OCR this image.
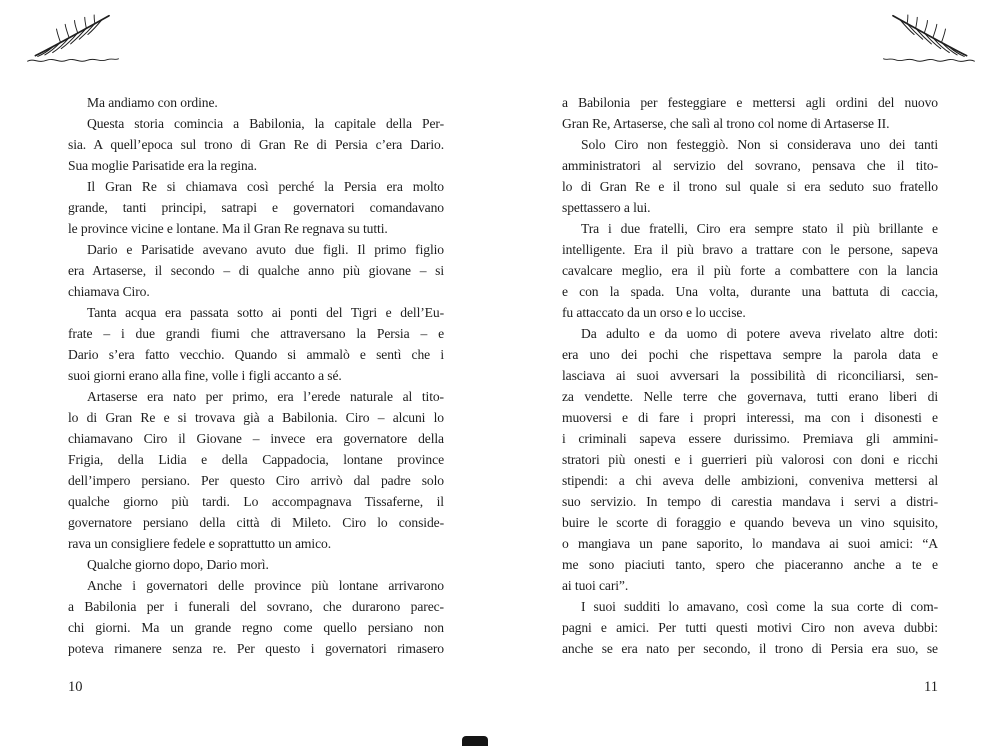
Ma andiamo con ordine.
Questa storia comincia a Babilonia, la capitale della Per-
sia. A quell’epoca sul trono di Gran Re di Persia c’era Dario.
Sua moglie Parisatide era la regina.
Il Gran Re si chiamava così perché la Persia era molto
grande, tanti principi, satrapi e governatori comandavano
le province vicine e lontane. Ma il Gran Re regnava su tutti.
Dario e Parisatide avevano avuto due figli. Il primo figlio
era Artaserse, il secondo – di qualche anno più giovane – si
chiamava Ciro.
Tanta acqua era passata sotto ai ponti del Tigri e dell’Eu-
frate – i due grandi fiumi che attraversano la Persia – e
Dario s’era fatto vecchio. Quando si ammalò e sentì che i
suoi giorni erano alla fine, volle i figli accanto a sé.
Artaserse era nato per primo, era l’erede naturale al tito-
lo di Gran Re e si trovava già a Babilonia. Ciro – alcuni lo
chiamavano Ciro il Giovane – invece era governatore della
Frigia, della Lidia e della Cappadocia, lontane province
dell’impero persiano. Per questo Ciro arrivò dal padre solo
qualche giorno più tardi. Lo accompagnava Tissaferne, il
governatore persiano della città di Mileto. Ciro lo conside-
rava un consigliere fedele e soprattutto un amico.
Qualche giorno dopo, Dario morì.
Anche i governatori delle province più lontane arrivarono
a Babilonia per i funerali del sovrano, che durarono parec-
chi giorni. Ma un grande regno come quello persiano non
poteva rimanere senza re. Per questo i governatori rimasero
a Babilonia per festeggiare e mettersi agli ordini del nuovo
Gran Re, Artaserse, che salì al trono col nome di Artaserse II.
Solo Ciro non festeggiò. Non si considerava uno dei tanti
amministratori al servizio del sovrano, pensava che il tito-
lo di Gran Re e il trono sul quale si era seduto suo fratello
spettassero a lui.
Tra i due fratelli, Ciro era sempre stato il più brillante e
intelligente. Era il più bravo a trattare con le persone, sapeva
cavalcare meglio, era il più forte a combattere con la lancia
e con la spada. Una volta, durante una battuta di caccia,
fu attaccato da un orso e lo uccise.
Da adulto e da uomo di potere aveva rivelato altre doti:
era uno dei pochi che rispettava sempre la parola data e
lasciava ai suoi avversari la possibilità di riconciliarsi, sen-
za vendette. Nelle terre che governava, tutti erano liberi di
muoversi e di fare i propri interessi, ma con i disonesti e
i criminali sapeva essere durissimo. Premiava gli ammini-
stratori più onesti e i guerrieri più valorosi con doni e ricchi
stipendi: a chi aveva delle ambizioni, conveniva mettersi al
suo servizio. In tempo di carestia mandava i servi a distri-
buire le scorte di foraggio e quando beveva un vino squisito,
o mangiava un pane saporito, lo mandava ai suoi amici: “A
me sono piaciuti tanto, spero che piaceranno anche a te e
ai tuoi cari”.
I suoi sudditi lo amavano, così come la sua corte di com-
pagni e amici. Per tutti questi motivi Ciro non aveva dubbi:
anche se era nato per secondo, il trono di Persia era suo, se
10	11
